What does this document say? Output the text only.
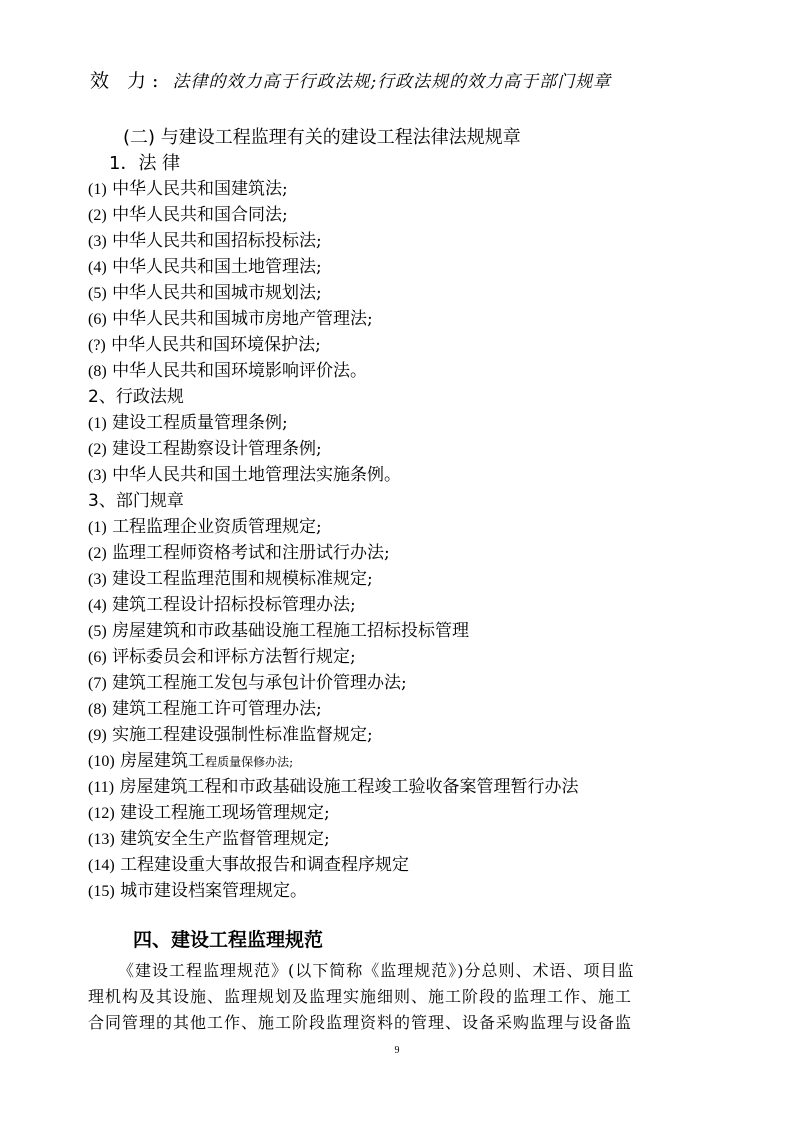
效 力: 法律的效力高于行政法规;行政法规的效力高于部门规章
(二) 与建设工程监理有关的建设工程法律法规规章
1．法 律
(1) 中华人民共和国建筑法;
(2) 中华人民共和国合同法;
(3) 中华人民共和国招标投标法;
(4) 中华人民共和国土地管理法;
(5) 中华人民共和国城市规划法;
(6) 中华人民共和国城市房地产管理法;
(?) 中华人民共和国环境保护法;
(8) 中华人民共和国环境影响评价法。
2、行政法规
(1) 建设工程质量管理条例;
(2) 建设工程勘察设计管理条例;
(3) 中华人民共和国土地管理法实施条例。
3、部门规章
(1) 工程监理企业资质管理规定;
(2) 监理工程师资格考试和注册试行办法;
(3) 建设工程监理范围和规模标准规定;
(4) 建筑工程设计招标投标管理办法;
(5) 房屋建筑和市政基础设施工程施工招标投标管理
(6) 评标委员会和评标方法暂行规定;
(7) 建筑工程施工发包与承包计价管理办法;
(8) 建筑工程施工许可管理办法;
(9) 实施工程建设强制性标准监督规定;
(10) 房屋建筑工程质量保修办法;
(11) 房屋建筑工程和市政基础设施工程竣工验收备案管理暂行办法
(12) 建设工程施工现场管理规定;
(13) 建筑安全生产监督管理规定;
(14) 工程建设重大事故报告和调查程序规定
(15) 城市建设档案管理规定。
四、建设工程监理规范
《建设工程监理规范》(以下简称《监理规范》)分总则、术语、项目监
理机构及其设施、监理规划及监理实施细则、施工阶段的监理工作、施工
合同管理的其他工作、施工阶段监理资料的管理、设备采购监理与设备监
9
